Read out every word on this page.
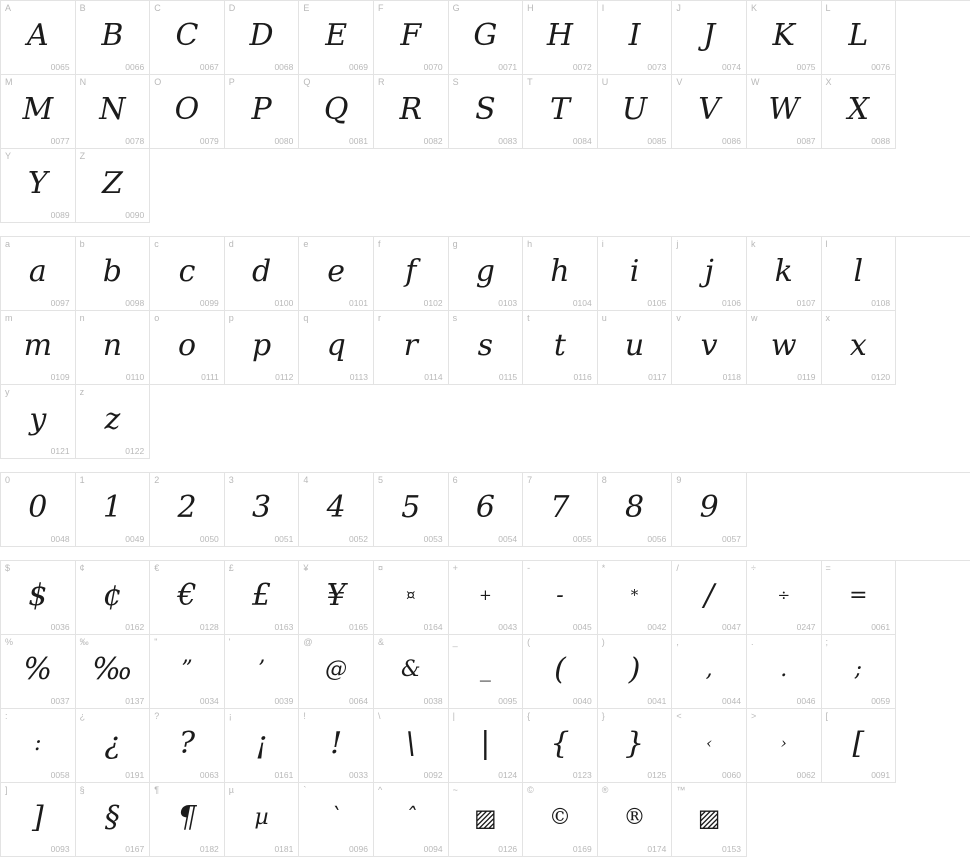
A
A
0065
B
B
0066
C
C
0067
D
D
0068
E
E
0069
F
F
0070
G
G
0071
H
H
0072
I
I
0073
J
J
0074
K
K
0075
L
L
0076
M
M
0077
N
N
0078
O
O
0079
P
P
0080
Q
Q
0081
R
R
0082
S
S
0083
T
T
0084
U
U
0085
V
V
0086
W
W
0087
X
X
0088
Y
Y
0089
Z
Z
0090
a
a
0097
b
b
0098
c
c
0099
d
d
0100
e
e
0101
f
f
0102
g
g
0103
h
h
0104
i
i
0105
j
j
0106
k
k
0107
l
l
0108
m
m
0109
n
n
0110
o
o
0111
p
p
0112
q
q
0113
r
r
0114
s
s
0115
t
t
0116
u
u
0117
v
v
0118
w
w
0119
x
x
0120
y
y
0121
z
z
0122
0
0
0048
1
1
0049
2
2
0050
3
3
0051
4
4
0052
5
5
0053
6
6
0054
7
7
0055
8
8
0056
9
9
0057
$
$
0036
¢
¢
0162
€
€
0128
£
£
0163
¥
¥
0165
¤
¤
0164
+
+
0043
-
-
0045
*
*
0042
/
/
0047
÷
÷
0247
=
=
0061
%
%
0037
‰
‰
0137
"
”
0034
'
’
0039
@
@
0064
&
&
0038
_
_
0095
(
(
0040
)
)
0041
,
,
0044
.
.
0046
;
;
0059
:
:
0058
¿
¿
0191
?
?
0063
¡
¡
0161
!
!
0033
\
\
0092
|
|
0124
{
{
0123
}
}
0125
<
‹
0060
>
›
0062
[
[
0091
]
]
0093
§
§
0167
¶
¶
0182
µ
µ
0181
`
`
0096
^
ˆ
0094
~
▨
0126
©
©
0169
®
®
0174
™
▨
0153
